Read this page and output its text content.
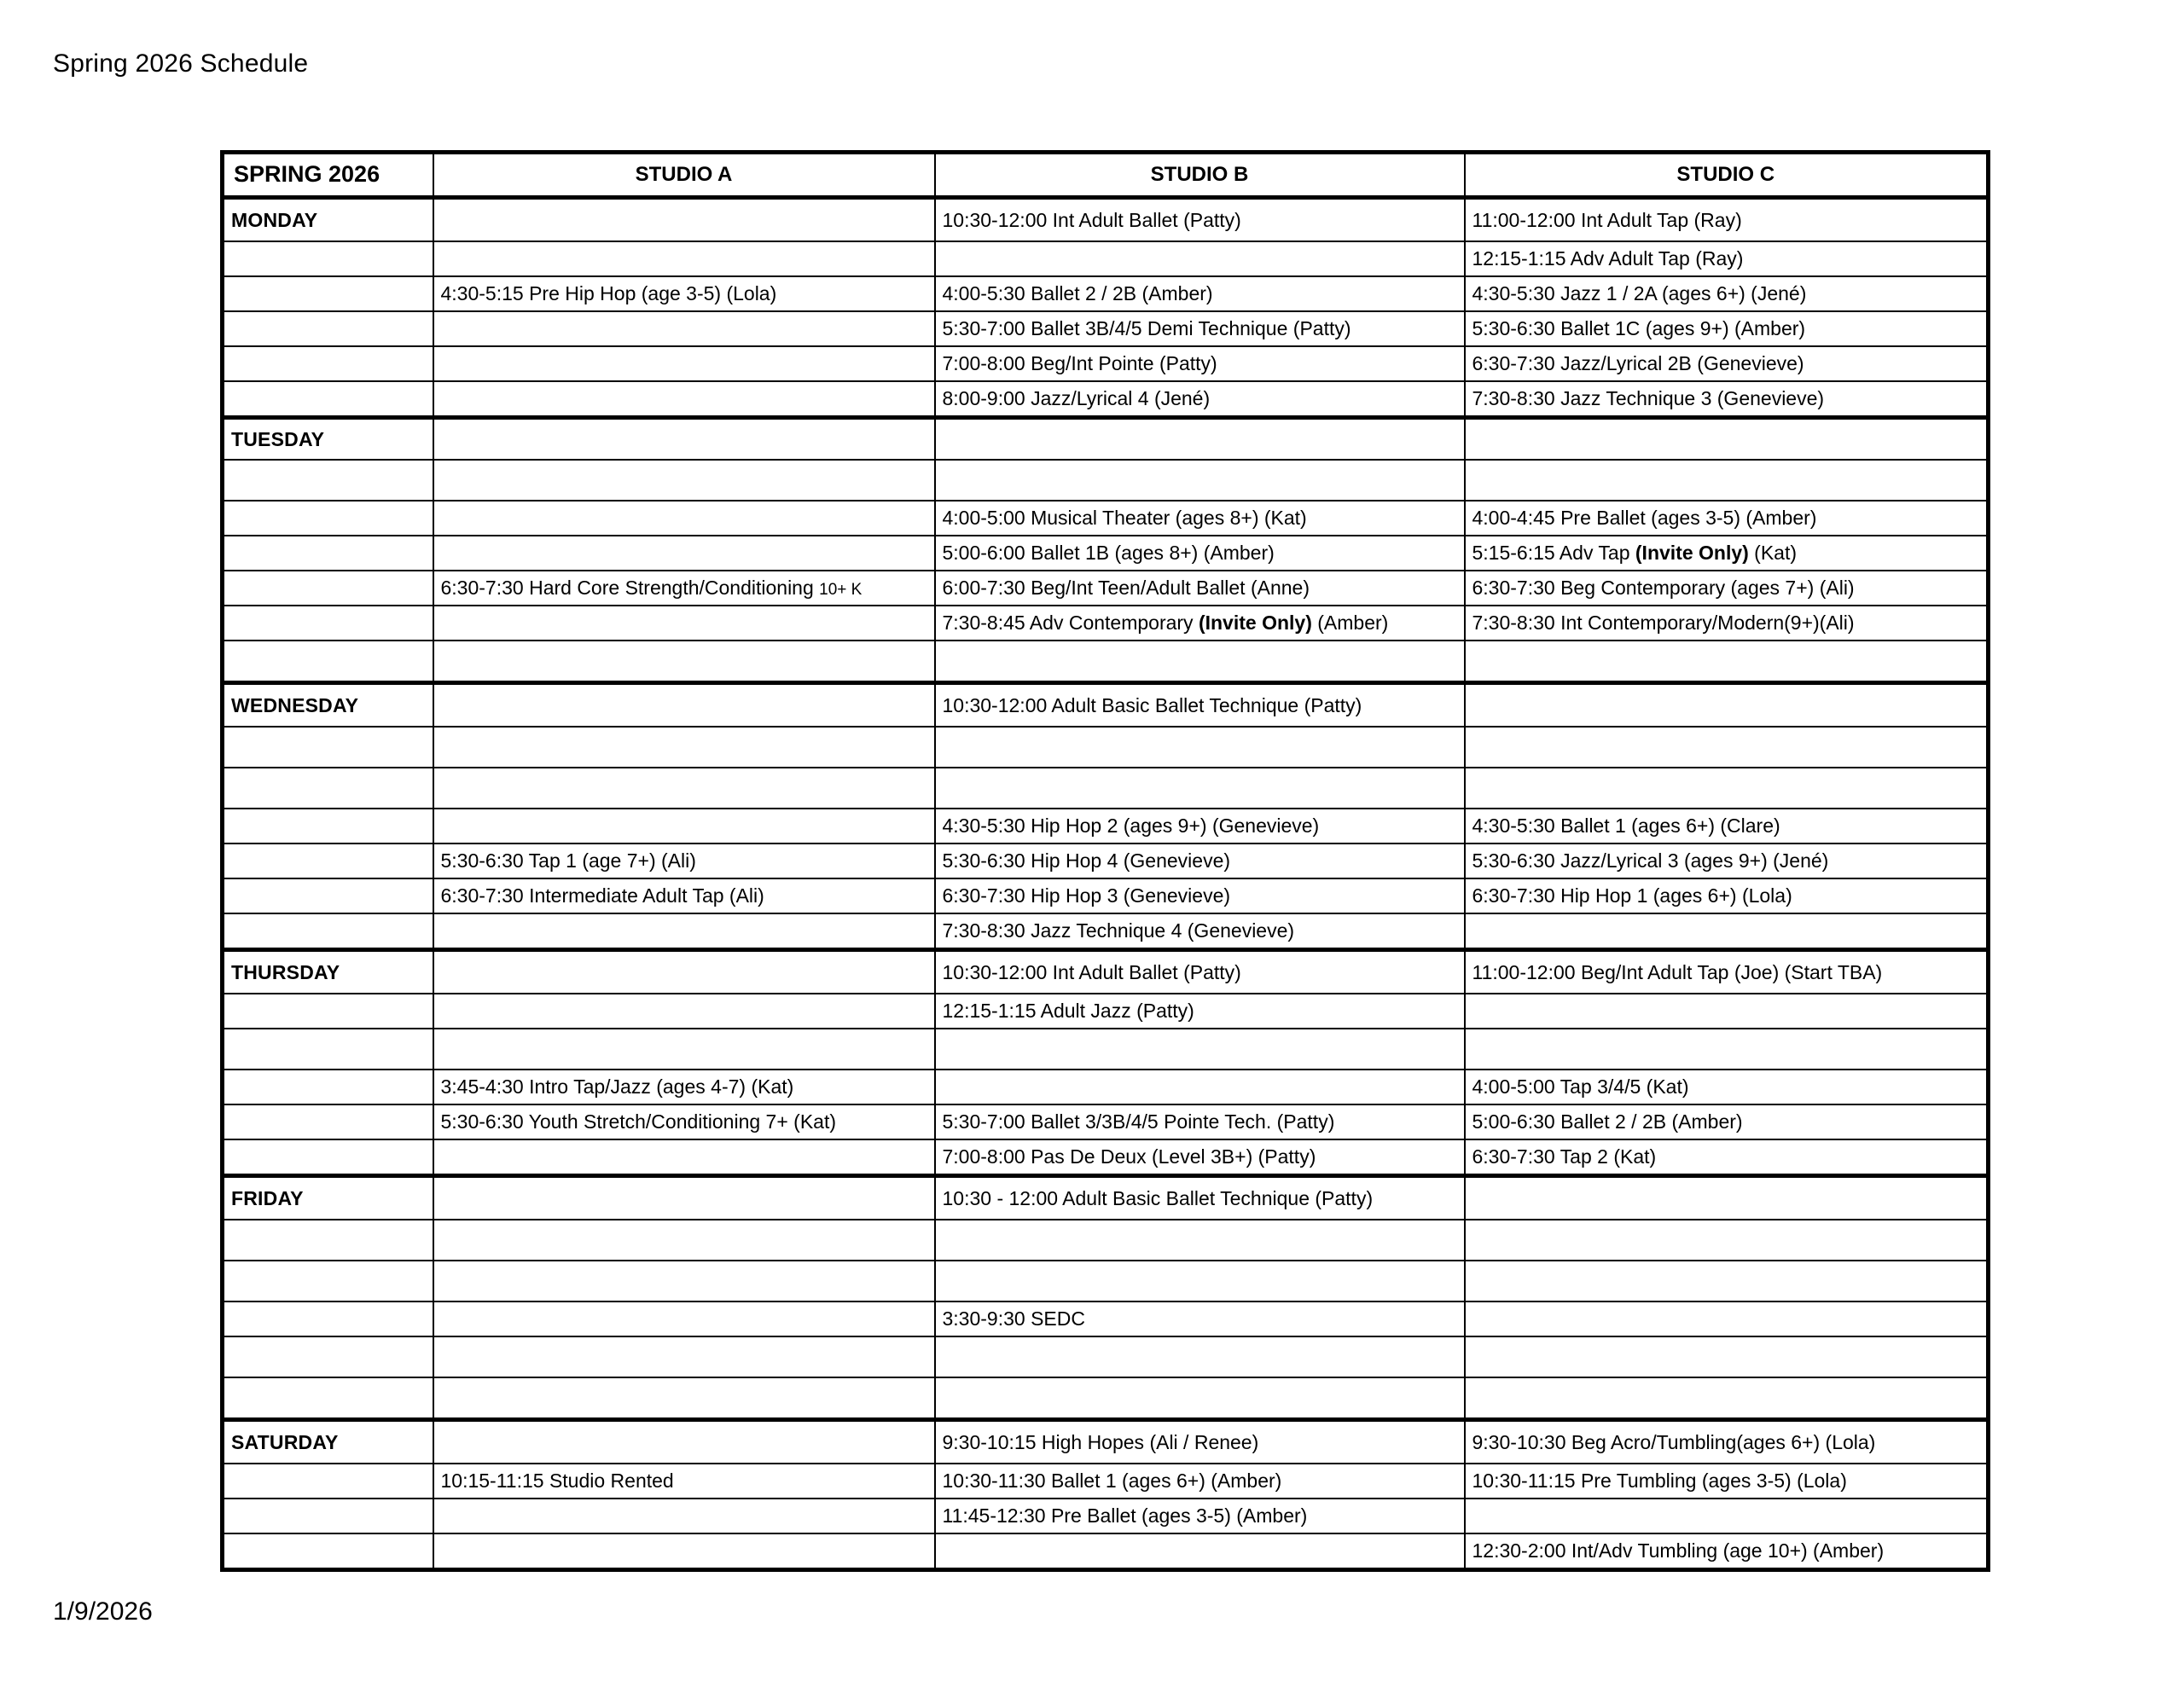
Spring 2026 Schedule
SPRING 2026	STUDIO A	STUDIO B	STUDIO C
MONDAY		10:30-12:00 Int Adult Ballet (Patty)	11:00-12:00 Int Adult Tap (Ray)
			12:15-1:15 Adv Adult Tap (Ray)
	4:30-5:15 Pre Hip Hop (age 3-5) (Lola)	4:00-5:30 Ballet 2 / 2B (Amber)	4:30-5:30 Jazz 1 / 2A (ages 6+) (Jené)
		5:30-7:00 Ballet 3B/4/5 Demi Technique (Patty)	5:30-6:30 Ballet 1C (ages 9+) (Amber)
		7:00-8:00 Beg/Int Pointe (Patty)	6:30-7:30 Jazz/Lyrical 2B (Genevieve)
		8:00-9:00 Jazz/Lyrical 4 (Jené)	7:30-8:30 Jazz Technique 3 (Genevieve)
TUESDAY			

		4:00-5:00 Musical Theater (ages 8+) (Kat)	4:00-4:45 Pre Ballet (ages 3-5) (Amber)
		5:00-6:00 Ballet 1B (ages 8+) (Amber)	5:15-6:15 Adv Tap (Invite Only) (Kat)
	6:30-7:30 Hard Core Strength/Conditioning 10+ K	6:00-7:30 Beg/Int Teen/Adult Ballet (Anne)	6:30-7:30 Beg Contemporary (ages 7+) (Ali)
		7:30-8:45 Adv Contemporary (Invite Only) (Amber)	7:30-8:30 Int Contemporary/Modern(9+)(Ali)

WEDNESDAY		10:30-12:00 Adult Basic Ballet Technique (Patty)	

		4:30-5:30 Hip Hop 2 (ages 9+) (Genevieve)	4:30-5:30 Ballet 1 (ages 6+) (Clare)
	5:30-6:30 Tap 1 (age 7+) (Ali)	5:30-6:30 Hip Hop 4 (Genevieve)	5:30-6:30 Jazz/Lyrical 3 (ages 9+) (Jené)
	6:30-7:30 Intermediate Adult Tap (Ali)	6:30-7:30 Hip Hop 3 (Genevieve)	6:30-7:30 Hip Hop 1 (ages 6+) (Lola)
		7:30-8:30 Jazz Technique 4 (Genevieve)	
THURSDAY		10:30-12:00 Int Adult Ballet (Patty)	11:00-12:00 Beg/Int Adult Tap (Joe) (Start TBA)
		12:15-1:15 Adult Jazz (Patty)	

	3:45-4:30 Intro Tap/Jazz (ages 4-7) (Kat)		4:00-5:00 Tap 3/4/5 (Kat)
	5:30-6:30 Youth Stretch/Conditioning 7+ (Kat)	5:30-7:00 Ballet 3/3B/4/5 Pointe Tech. (Patty)	5:00-6:30 Ballet 2 / 2B (Amber)
		7:00-8:00 Pas De Deux (Level 3B+) (Patty)	6:30-7:30 Tap 2 (Kat)
FRIDAY		10:30 - 12:00 Adult Basic Ballet Technique (Patty)	

		3:30-9:30 SEDC	

SATURDAY		9:30-10:15 High Hopes (Ali / Renee)	9:30-10:30 Beg Acro/Tumbling(ages 6+) (Lola)
	10:15-11:15 Studio Rented	10:30-11:30 Ballet 1 (ages 6+) (Amber)	10:30-11:15 Pre Tumbling (ages 3-5) (Lola)
		11:45-12:30 Pre Ballet (ages 3-5) (Amber)	
			12:30-2:00 Int/Adv Tumbling (age 10+) (Amber)
1/9/2026
